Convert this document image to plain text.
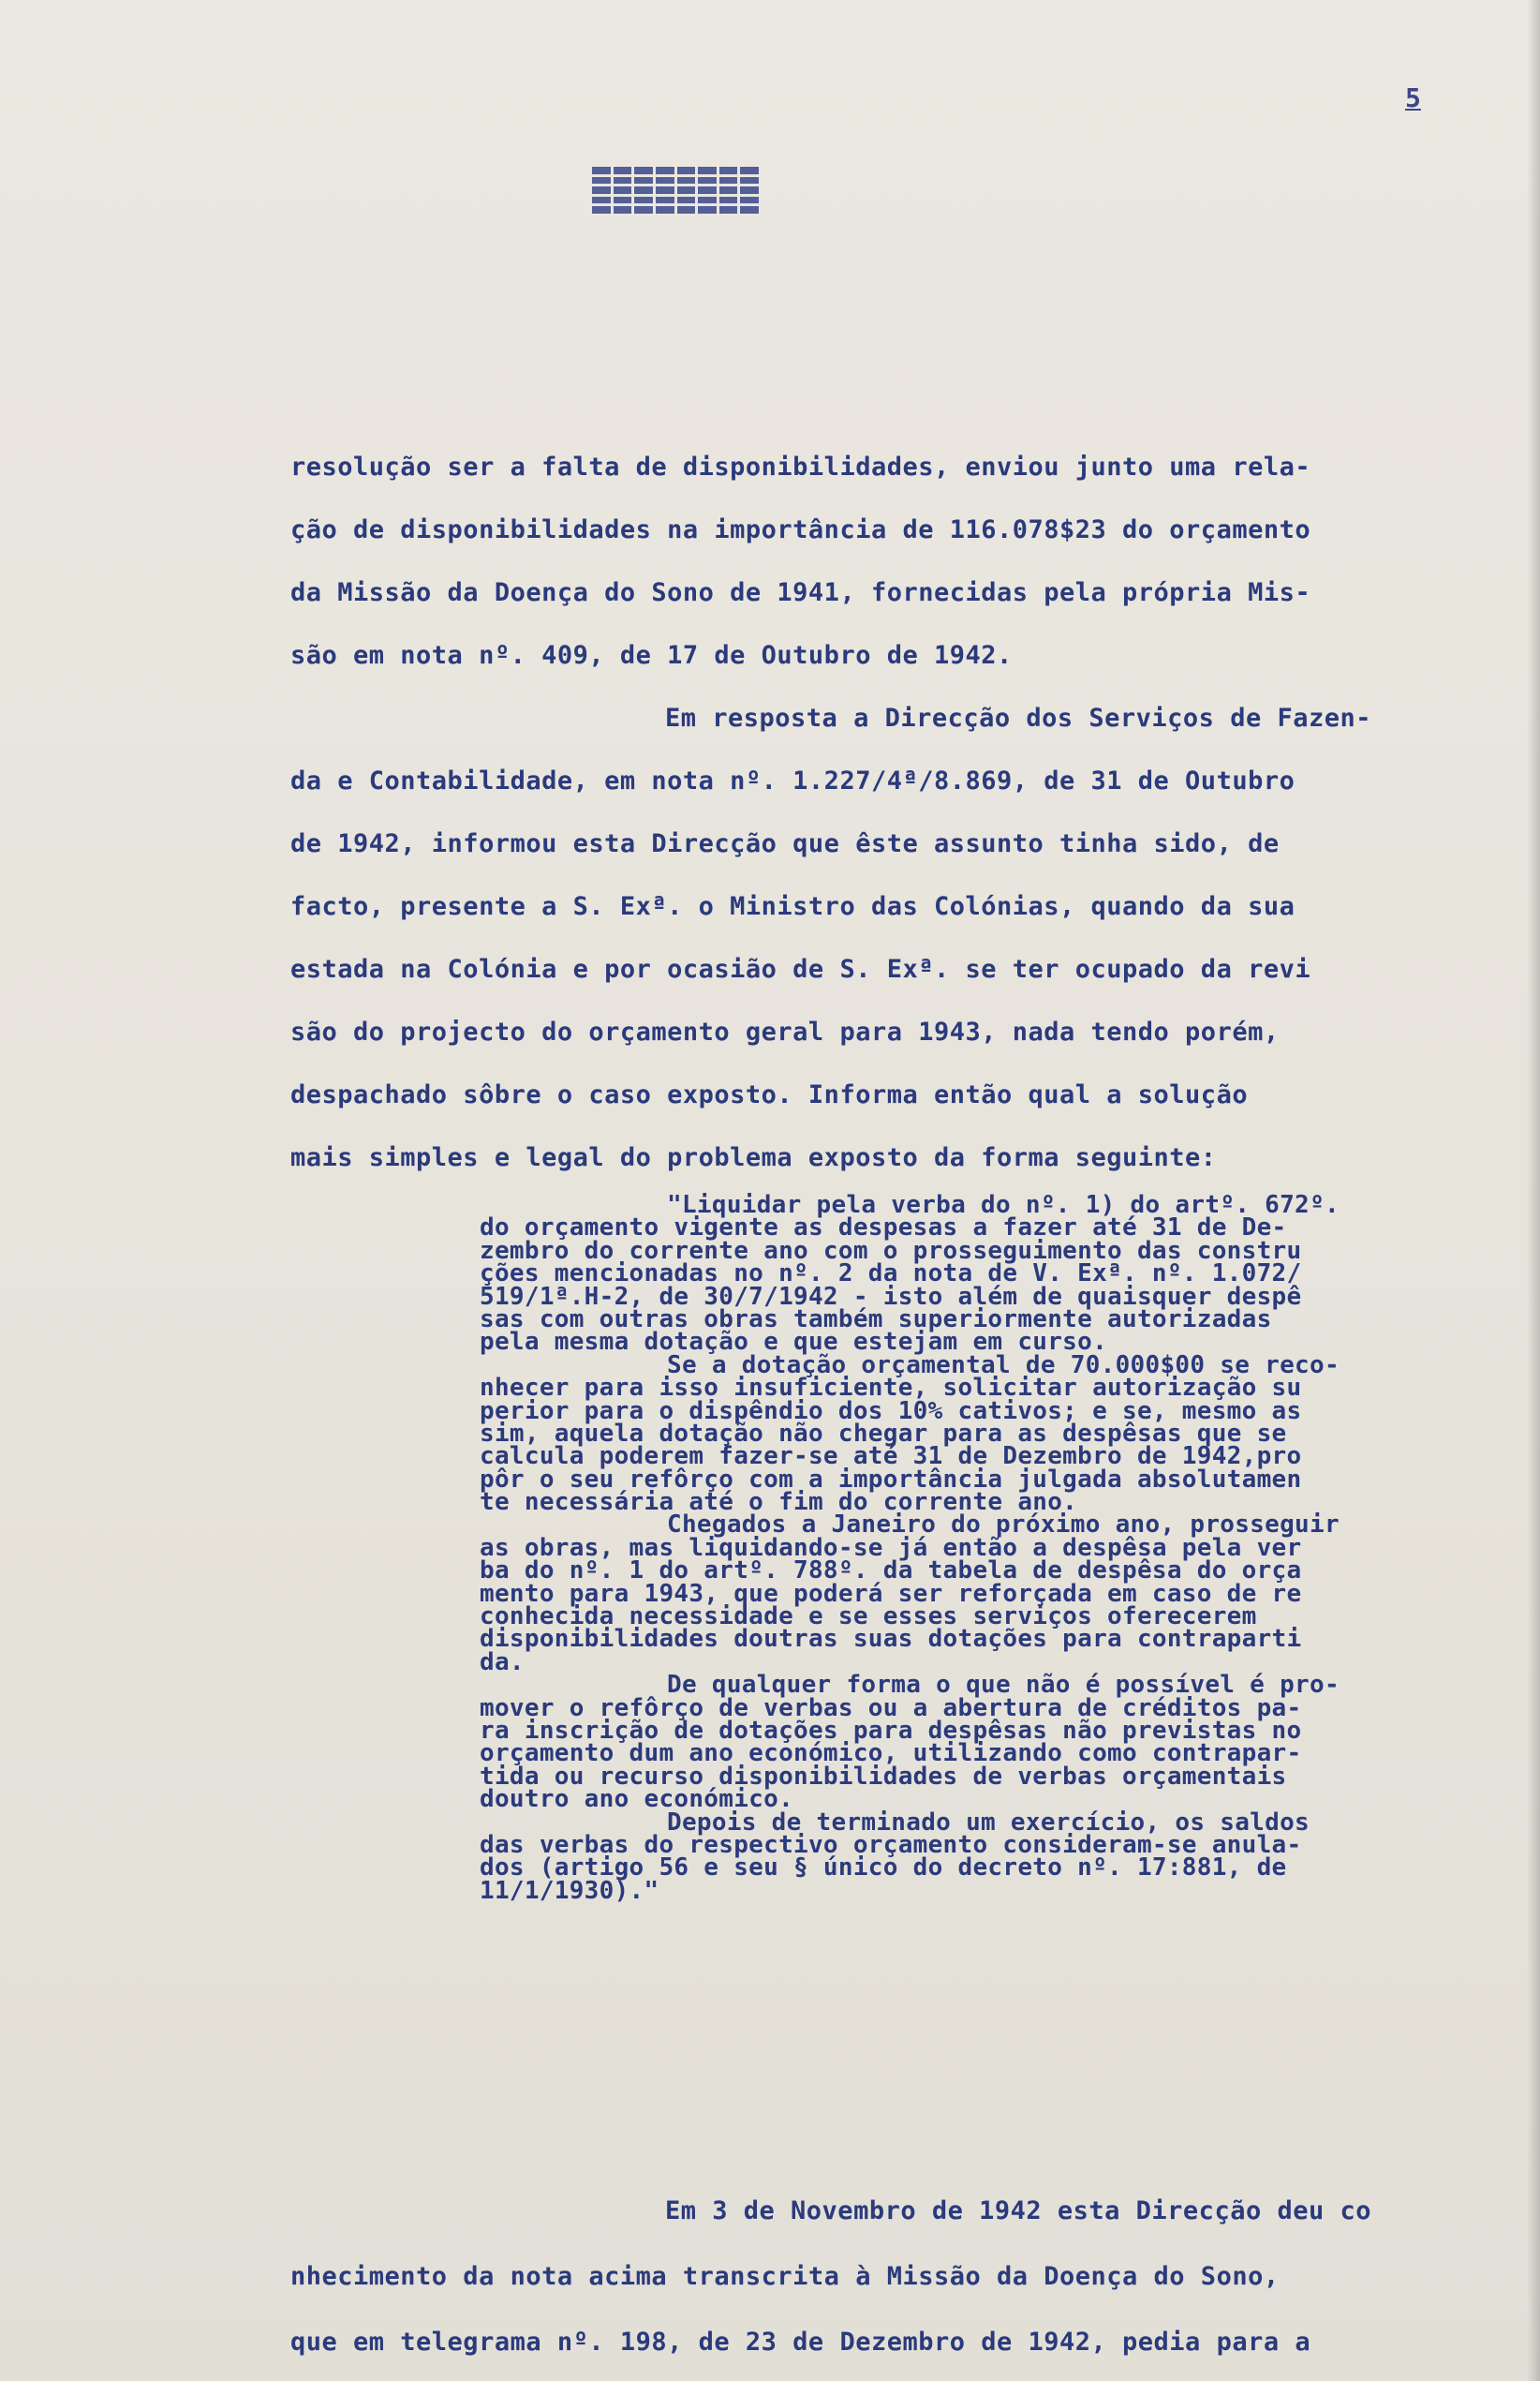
5
resolução ser a falta de disponibilidades, enviou junto uma rela-
ção de disponibilidades na importância de 116.078$23 do orçamento
da Missão da Doença do Sono de 1941, fornecidas pela própria Mis-
são em nota nº. 409, de 17 de Outubro de 1942.
Em resposta a Direcção dos Serviços de Fazen-
da e Contabilidade, em nota nº. 1.227/4ª/8.869, de 31 de Outubro
de 1942, informou esta Direcção que êste assunto tinha sido, de
facto, presente a S. Exª. o Ministro das Colónias, quando da sua
estada na Colónia e por ocasião de S. Exª. se ter ocupado da revi
são do projecto do orçamento geral para 1943, nada tendo porém,
despachado sôbre o caso exposto. Informa então qual a solução
mais simples e legal do problema exposto da forma seguinte:
"Liquidar pela verba do nº. 1) do artº. 672º.
do orçamento vigente as despesas a fazer até 31 de De-
zembro do corrente ano com o prosseguimento das constru
ções mencionadas no nº. 2 da nota de V. Exª. nº. 1.072/
519/1ª.H-2, de 30/7/1942 - isto além de quaisquer despê
sas com outras obras também superiormente autorizadas
pela mesma dotação e que estejam em curso.
Se a dotação orçamental de 70.000$00 se reco-
nhecer para isso insuficiente, solicitar autorização su
perior para o dispêndio dos 10% cativos; e se, mesmo as
sim, aquela dotação não chegar para as despêsas que se
calcula poderem fazer-se até 31 de Dezembro de 1942,pro
pôr o seu refôrço com a importância julgada absolutamen
te necessária até o fim do corrente ano.
Chegados a Janeiro do próximo ano, prosseguir
as obras, mas liquidando-se já então a despêsa pela ver
ba do nº. 1 do artº. 788º. da tabela de despêsa do orça
mento para 1943, que poderá ser reforçada em caso de re
conhecida necessidade e se esses serviços oferecerem
disponibilidades doutras suas dotações para contraparti
da.
De qualquer forma o que não é possível é pro-
mover o refôrço de verbas ou a abertura de créditos pa-
ra inscrição de dotações para despêsas não previstas no
orçamento dum ano económico, utilizando como contrapar-
tida ou recurso disponibilidades de verbas orçamentais
doutro ano económico.
Depois de terminado um exercício, os saldos
das verbas do respectivo orçamento consideram-se anula-
dos (artigo 56 e seu § único do decreto nº. 17:881, de
11/1/1930)."
Em 3 de Novembro de 1942 esta Direcção deu co
nhecimento da nota acima transcrita à Missão da Doença do Sono,
que em telegrama nº. 198, de 23 de Dezembro de 1942, pedia para a
